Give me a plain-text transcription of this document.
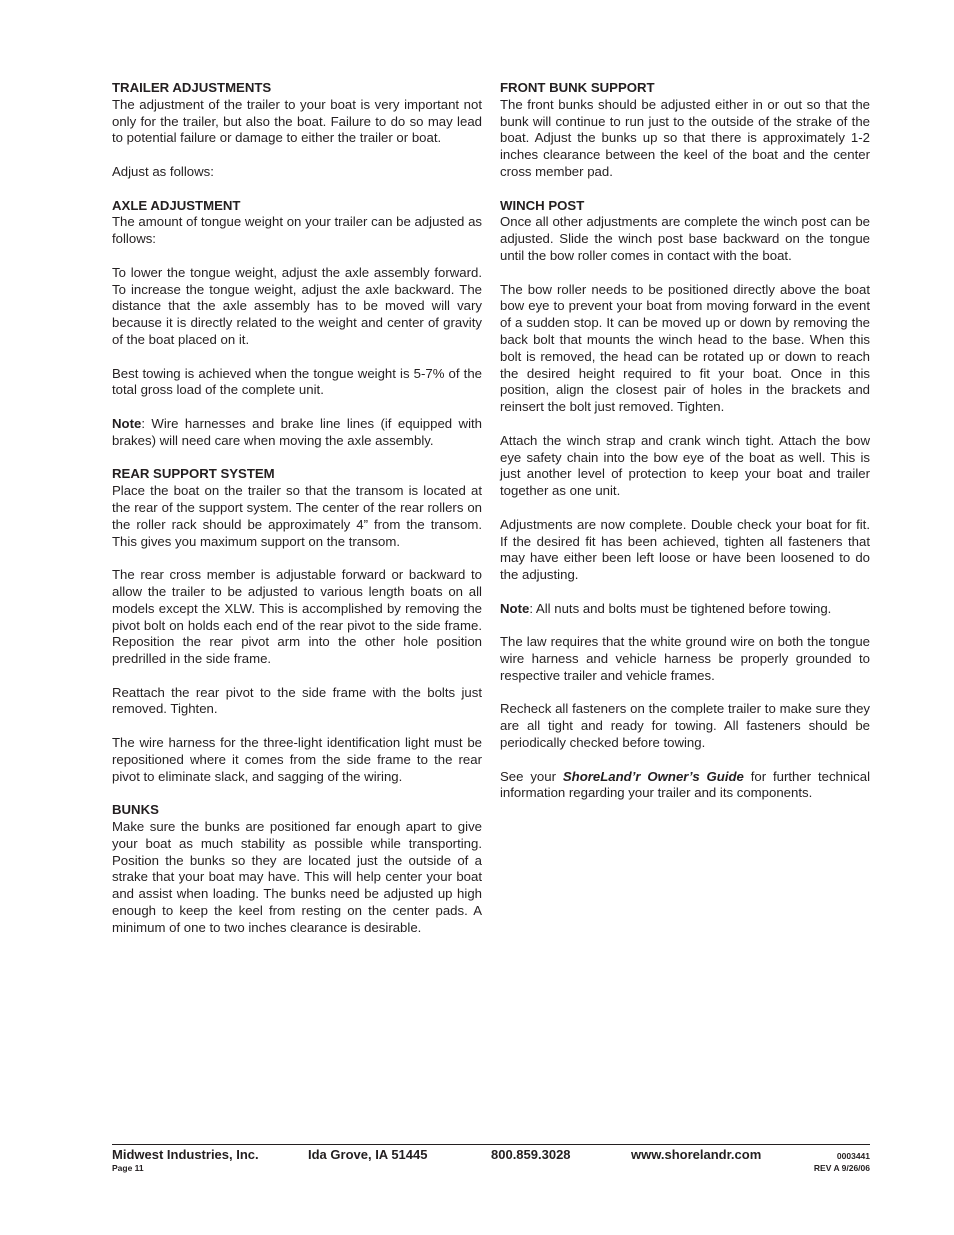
TRAILER ADJUSTMENTS

The adjustment of the trailer to your boat is very important not only for the trailer, but also the boat. Failure to do so may lead to potential failure or damage to either the trailer or boat.

Adjust as follows:

AXLE ADJUSTMENT

The amount of tongue weight on your trailer can be adjusted as follows:

To lower the tongue weight, adjust the axle assembly forward. To increase the tongue weight, adjust the axle backward. The distance that the axle assembly has to be moved will vary because it is directly related to the weight and center of gravity of the boat placed on it.

Best towing is achieved when the tongue weight is 5-7% of the total gross load of the complete unit.

Note: Wire harnesses and brake line lines (if equipped with brakes) will need care when moving the axle assembly.

REAR SUPPORT SYSTEM

Place the boat on the trailer so that the transom is located at the rear of the support system. The center of the rear rollers on the roller rack should be approximately 4” from the transom. This gives you maximum support on the transom.

The rear cross member is adjustable forward or backward to allow the trailer to be adjusted to various length boats on all models except the XLW. This is accomplished by removing the pivot bolt on holds each end of the rear pivot to the side frame. Reposition the rear pivot arm into the other hole position predrilled in the side frame.

Reattach the rear pivot to the side frame with the bolts just removed. Tighten.

The wire harness for the three-light identification light must be repositioned where it comes from the side frame to the rear pivot to eliminate slack, and sagging of the wiring.

BUNKS

Make sure the bunks are positioned far enough apart to give your boat as much stability as possible while transporting. Position the bunks so they are located just the outside of a strake that your boat may have. This will help center your boat and assist when loading. The bunks need be adjusted up high enough to keep the keel from resting on the center pads. A minimum of one to two inches clearance is desirable.

FRONT BUNK SUPPORT

The front bunks should be adjusted either in or out so that the bunk will continue to run just to the outside of the strake of the boat. Adjust the bunks up so that there is approximately 1-2 inches clearance between the keel of the boat and the center cross member pad.

WINCH POST

Once all other adjustments are complete the winch post can be adjusted. Slide the winch post base backward on the tongue until the bow roller comes in contact with the boat.

The bow roller needs to be positioned directly above the boat bow eye to prevent your boat from moving forward in the event of a sudden stop. It can be moved up or down by removing the back bolt that mounts the winch head to the base. When this bolt is removed, the head can be rotated up or down to reach the desired height required to fit your boat. Once in this position, align the closest pair of holes in the brackets and reinsert the bolt just removed. Tighten.

Attach the winch strap and crank winch tight. Attach the bow eye safety chain into the bow eye of the boat as well. This is just another level of protection to keep your boat and trailer together as one unit.

Adjustments are now complete. Double check your boat for fit. If the desired fit has been achieved, tighten all fasteners that may have either been left loose or have been loosened to do the adjusting.

Note: All nuts and bolts must be tightened before towing.

The law requires that the white ground wire on both the tongue wire harness and vehicle harness be properly grounded to respective trailer and vehicle frames.

Recheck all fasteners on the complete trailer to make sure they are all tight and ready for towing. All fasteners should be periodically checked before towing.

See your ShoreLand’r Owner’s Guide for further technical information regarding your trailer and its components.

Midwest Industries, Inc.	Ida Grove, IA 51445	800.859.3028	www.shorelandr.com	0003441
Page 11	REV A 9/26/06
